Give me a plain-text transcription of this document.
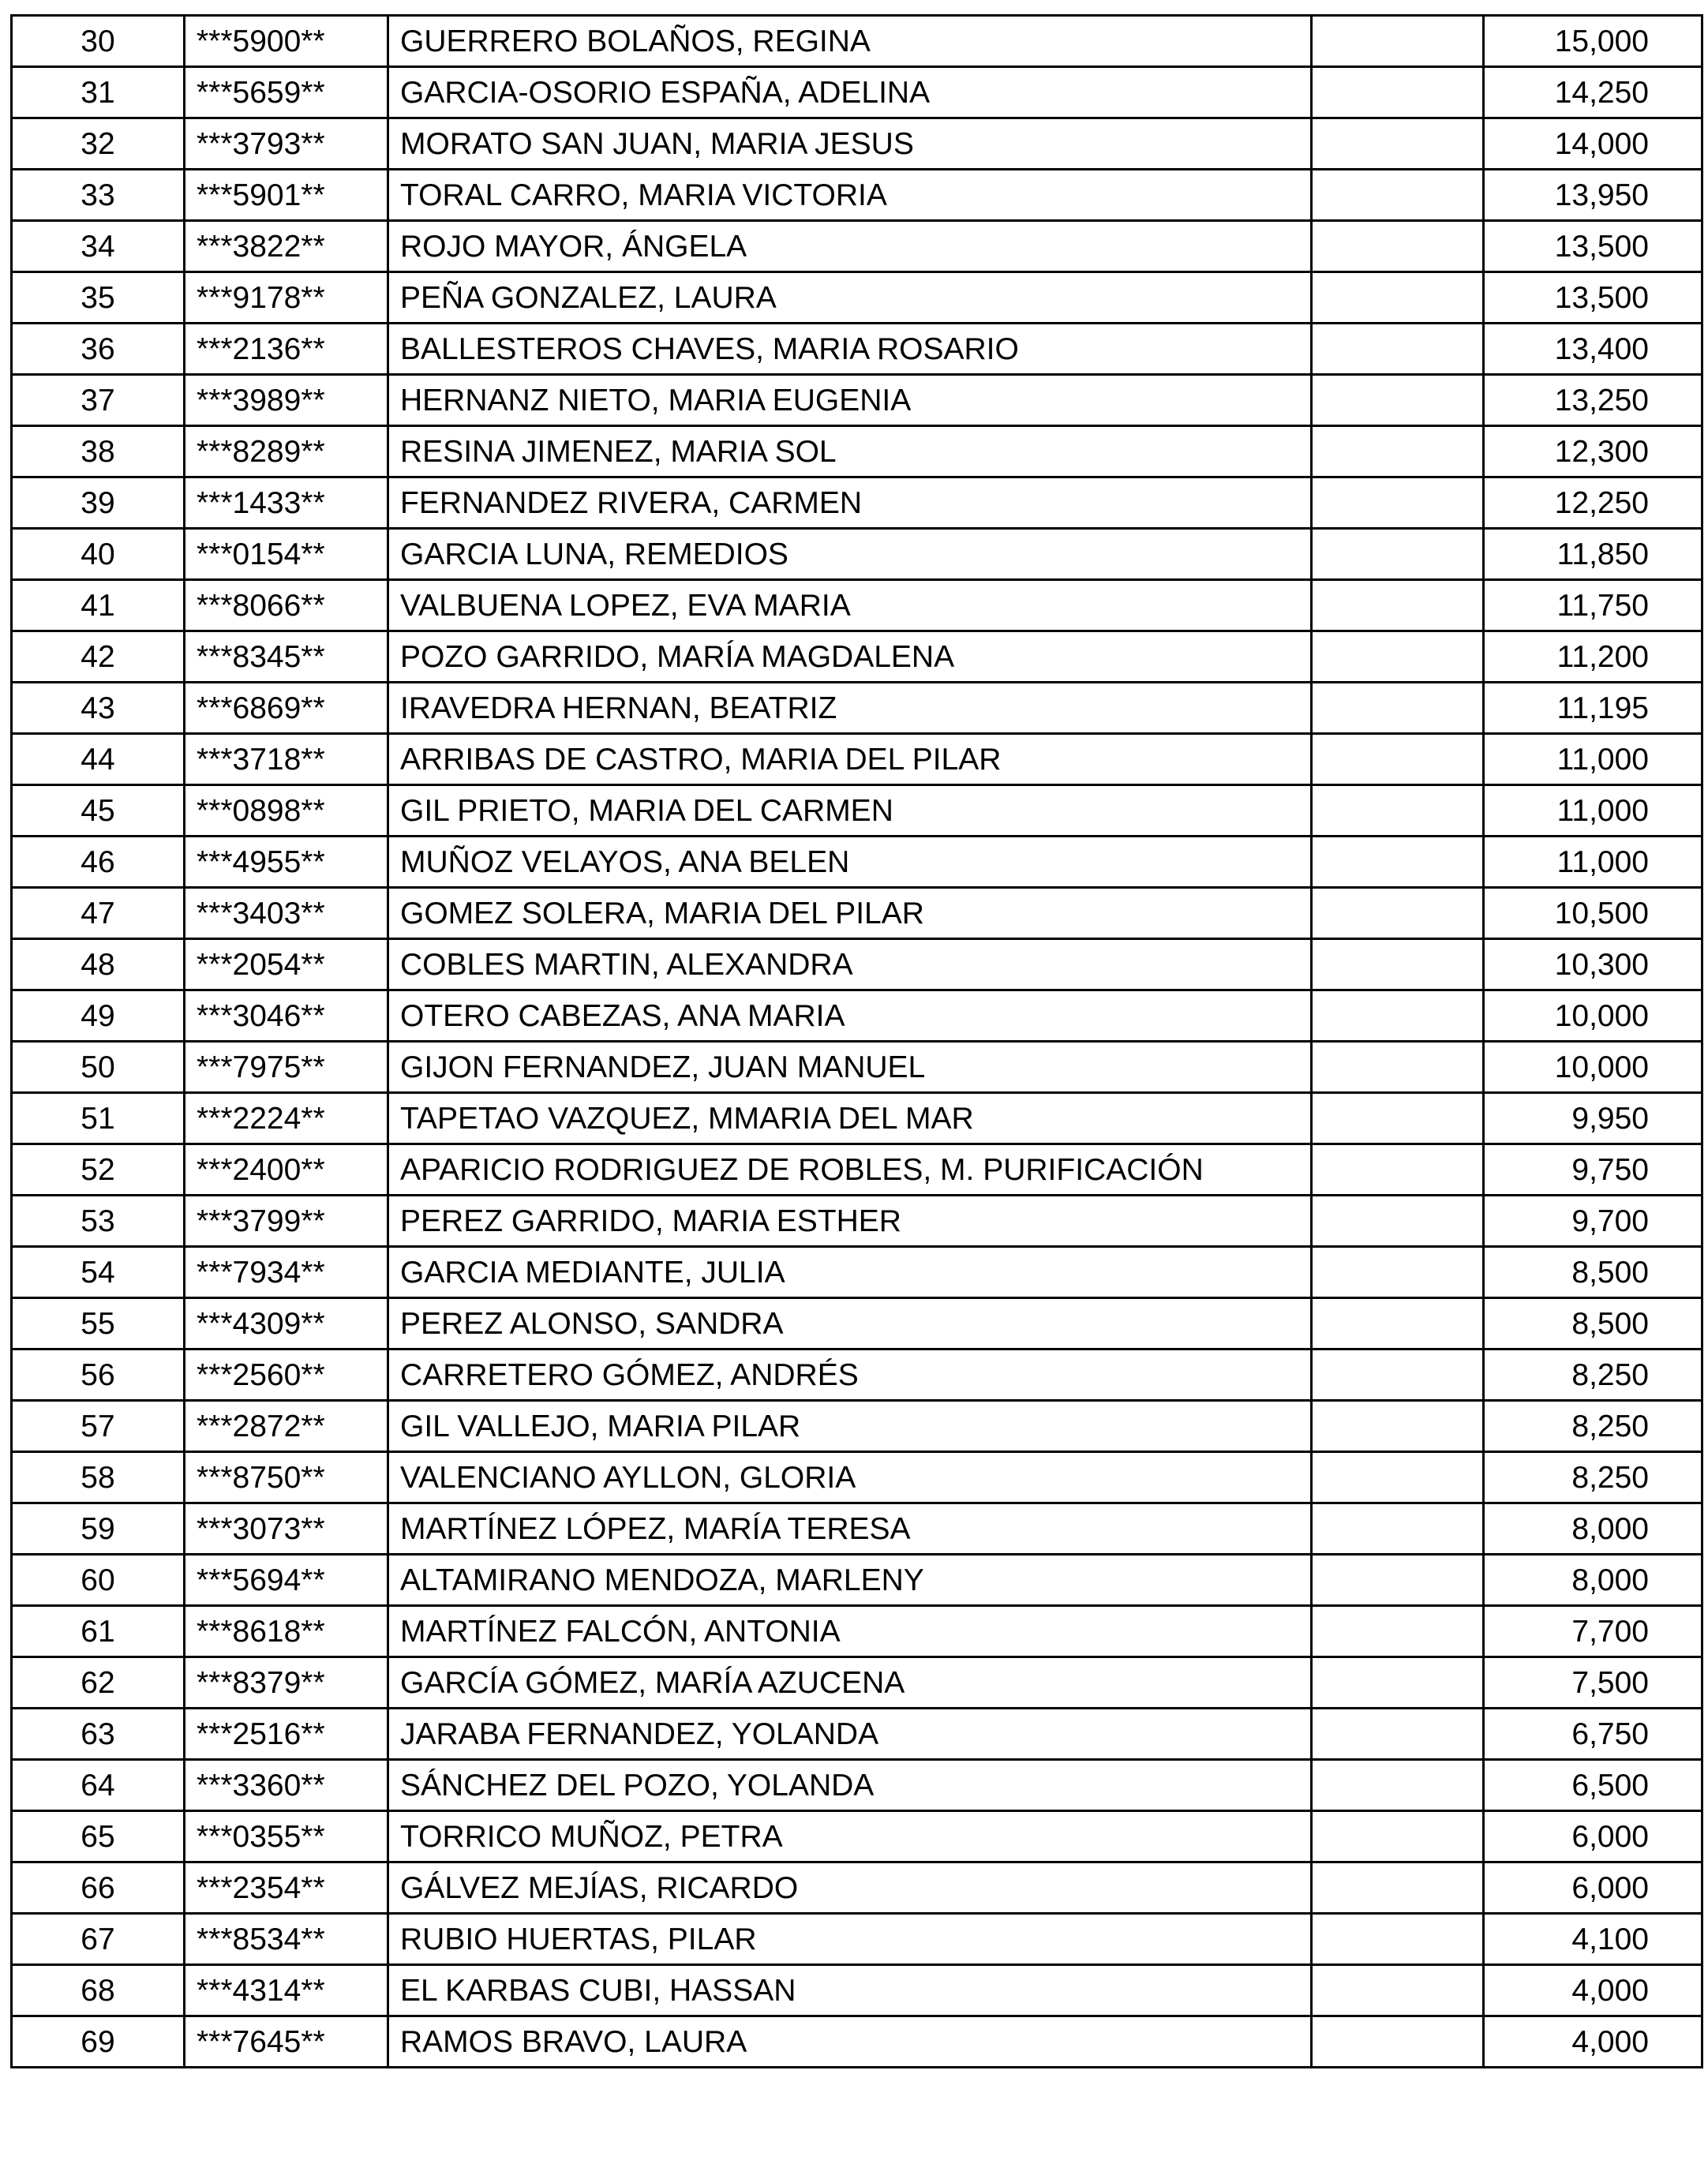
30	***5900**	GUERRERO BOLAÑOS, REGINA		15,000
31	***5659**	GARCIA-OSORIO ESPAÑA, ADELINA		14,250
32	***3793**	MORATO SAN JUAN, MARIA JESUS		14,000
33	***5901**	TORAL CARRO, MARIA VICTORIA		13,950
34	***3822**	ROJO MAYOR, ÁNGELA		13,500
35	***9178**	PEÑA GONZALEZ, LAURA		13,500
36	***2136**	BALLESTEROS CHAVES, MARIA ROSARIO		13,400
37	***3989**	HERNANZ NIETO, MARIA EUGENIA		13,250
38	***8289**	RESINA JIMENEZ, MARIA SOL		12,300
39	***1433**	FERNANDEZ RIVERA, CARMEN		12,250
40	***0154**	GARCIA LUNA, REMEDIOS		11,850
41	***8066**	VALBUENA LOPEZ, EVA MARIA		11,750
42	***8345**	POZO GARRIDO, MARÍA MAGDALENA		11,200
43	***6869**	IRAVEDRA HERNAN, BEATRIZ		11,195
44	***3718**	ARRIBAS DE CASTRO, MARIA DEL PILAR		11,000
45	***0898**	GIL PRIETO, MARIA DEL CARMEN		11,000
46	***4955**	MUÑOZ VELAYOS, ANA BELEN		11,000
47	***3403**	GOMEZ SOLERA, MARIA DEL PILAR		10,500
48	***2054**	COBLES MARTIN, ALEXANDRA		10,300
49	***3046**	OTERO CABEZAS, ANA MARIA		10,000
50	***7975**	GIJON FERNANDEZ, JUAN MANUEL		10,000
51	***2224**	TAPETAO VAZQUEZ, MMARIA DEL MAR		9,950
52	***2400**	APARICIO RODRIGUEZ DE ROBLES, M. PURIFICACIÓN		9,750
53	***3799**	PEREZ GARRIDO, MARIA ESTHER		9,700
54	***7934**	GARCIA MEDIANTE, JULIA		8,500
55	***4309**	PEREZ ALONSO, SANDRA		8,500
56	***2560**	CARRETERO GÓMEZ, ANDRÉS		8,250
57	***2872**	GIL VALLEJO, MARIA PILAR		8,250
58	***8750**	VALENCIANO AYLLON, GLORIA		8,250
59	***3073**	MARTÍNEZ LÓPEZ, MARÍA TERESA		8,000
60	***5694**	ALTAMIRANO MENDOZA, MARLENY		8,000
61	***8618**	MARTÍNEZ FALCÓN, ANTONIA		7,700
62	***8379**	GARCÍA GÓMEZ, MARÍA AZUCENA		7,500
63	***2516**	JARABA FERNANDEZ, YOLANDA		6,750
64	***3360**	SÁNCHEZ DEL POZO, YOLANDA		6,500
65	***0355**	TORRICO MUÑOZ, PETRA		6,000
66	***2354**	GÁLVEZ MEJÍAS, RICARDO		6,000
67	***8534**	RUBIO HUERTAS, PILAR		4,100
68	***4314**	EL KARBAS CUBI, HASSAN		4,000
69	***7645**	RAMOS BRAVO, LAURA		4,000
